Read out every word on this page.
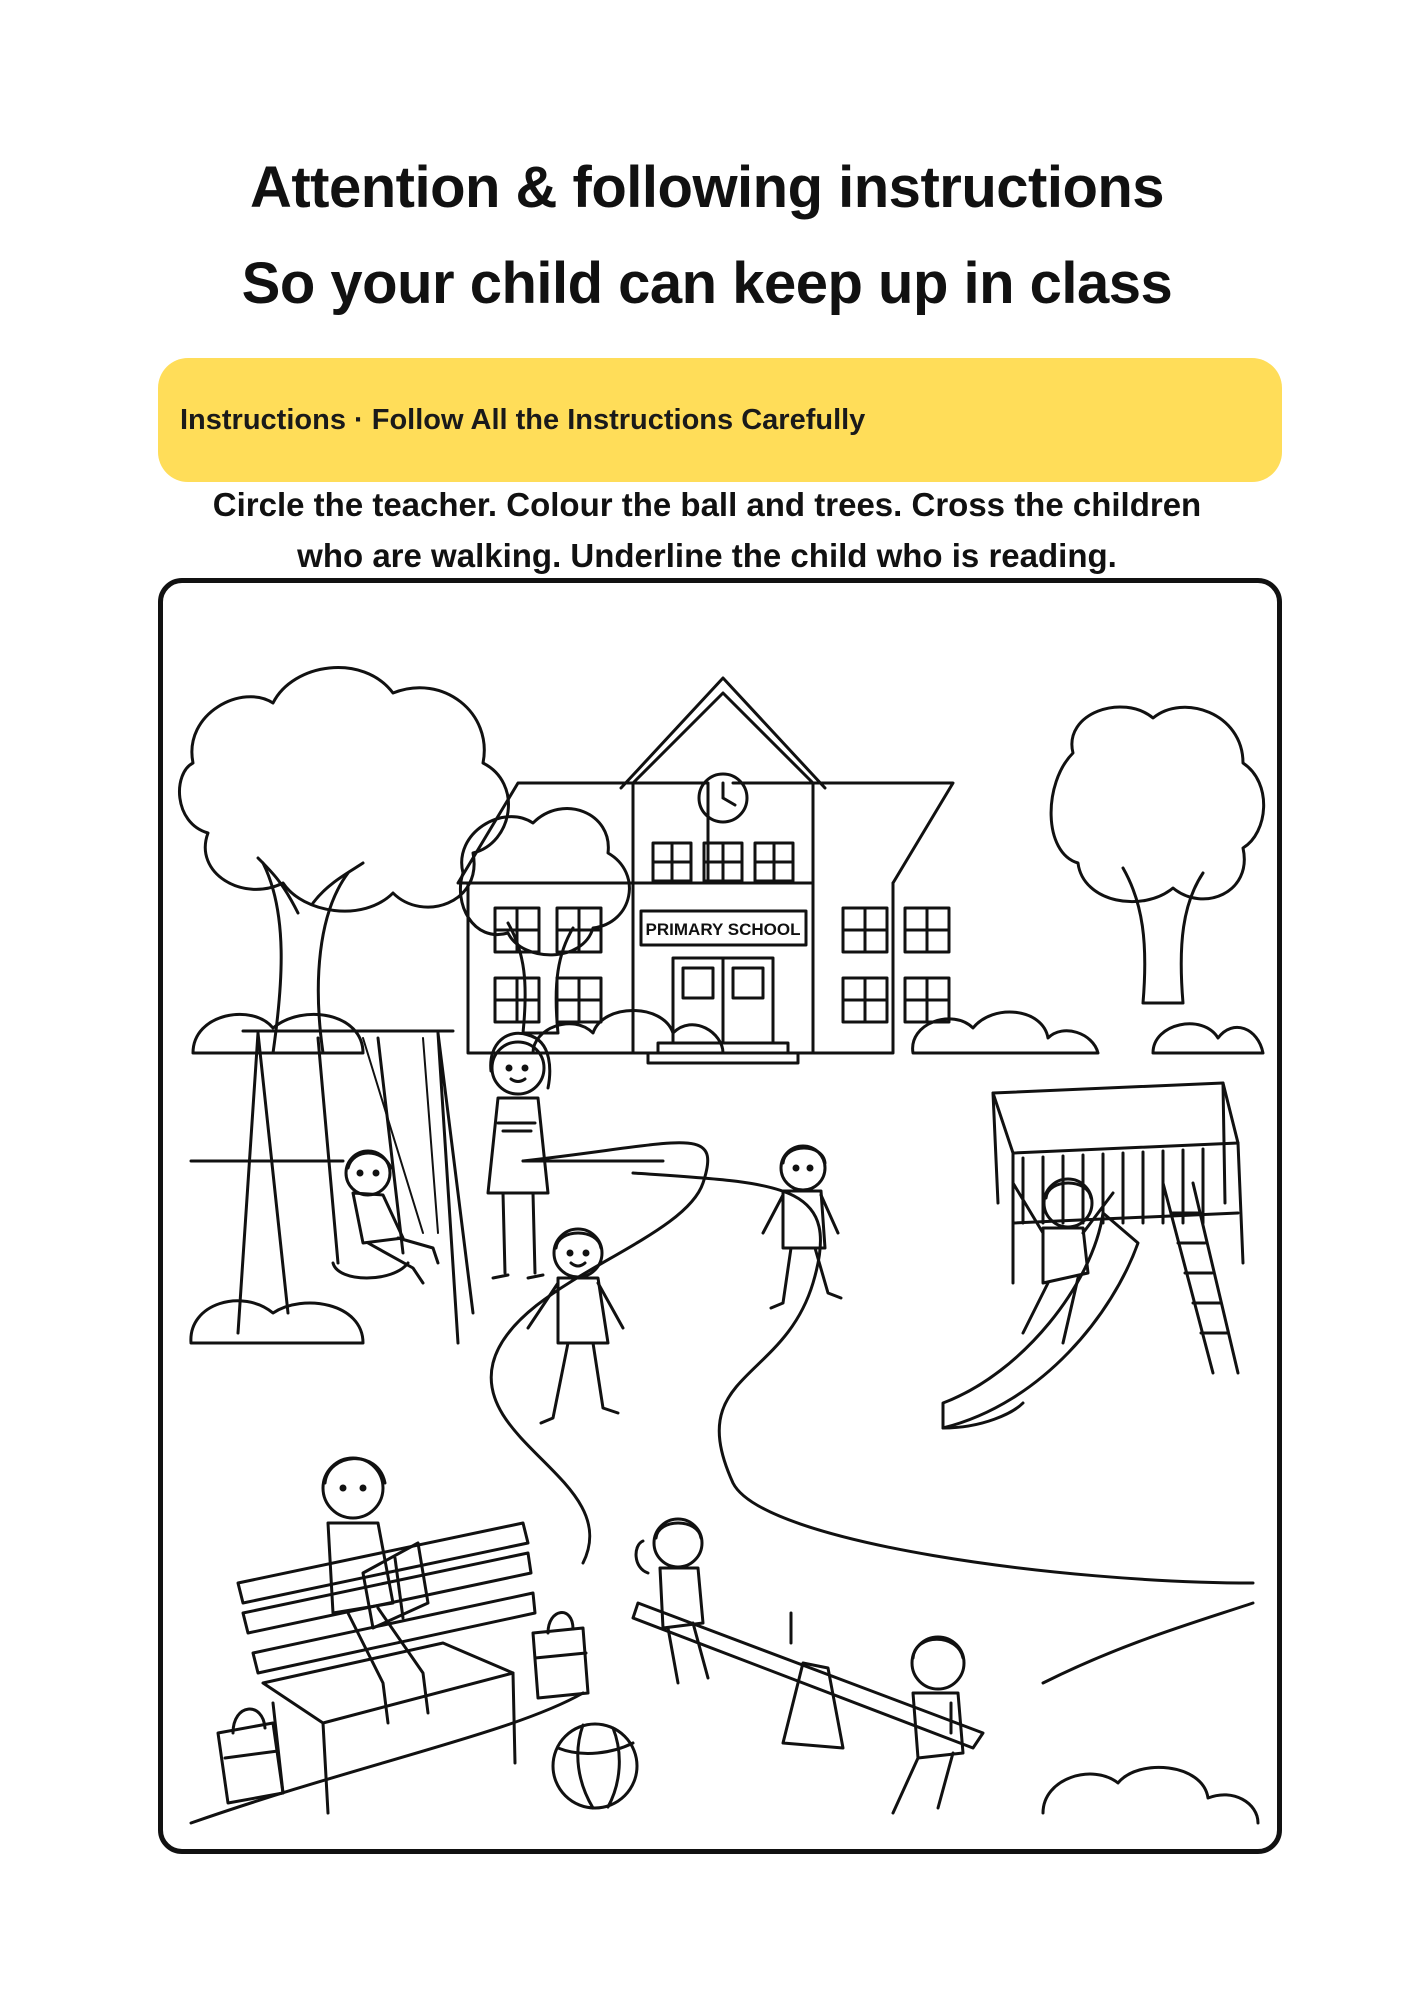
Attention & following instructions
So your child can keep up in class
Instructions · Follow All the Instructions Carefully
Circle the teacher. Colour the ball and trees. Cross the children
who are walking. Underline the child who is reading.
PRIMARY SCHOOL
